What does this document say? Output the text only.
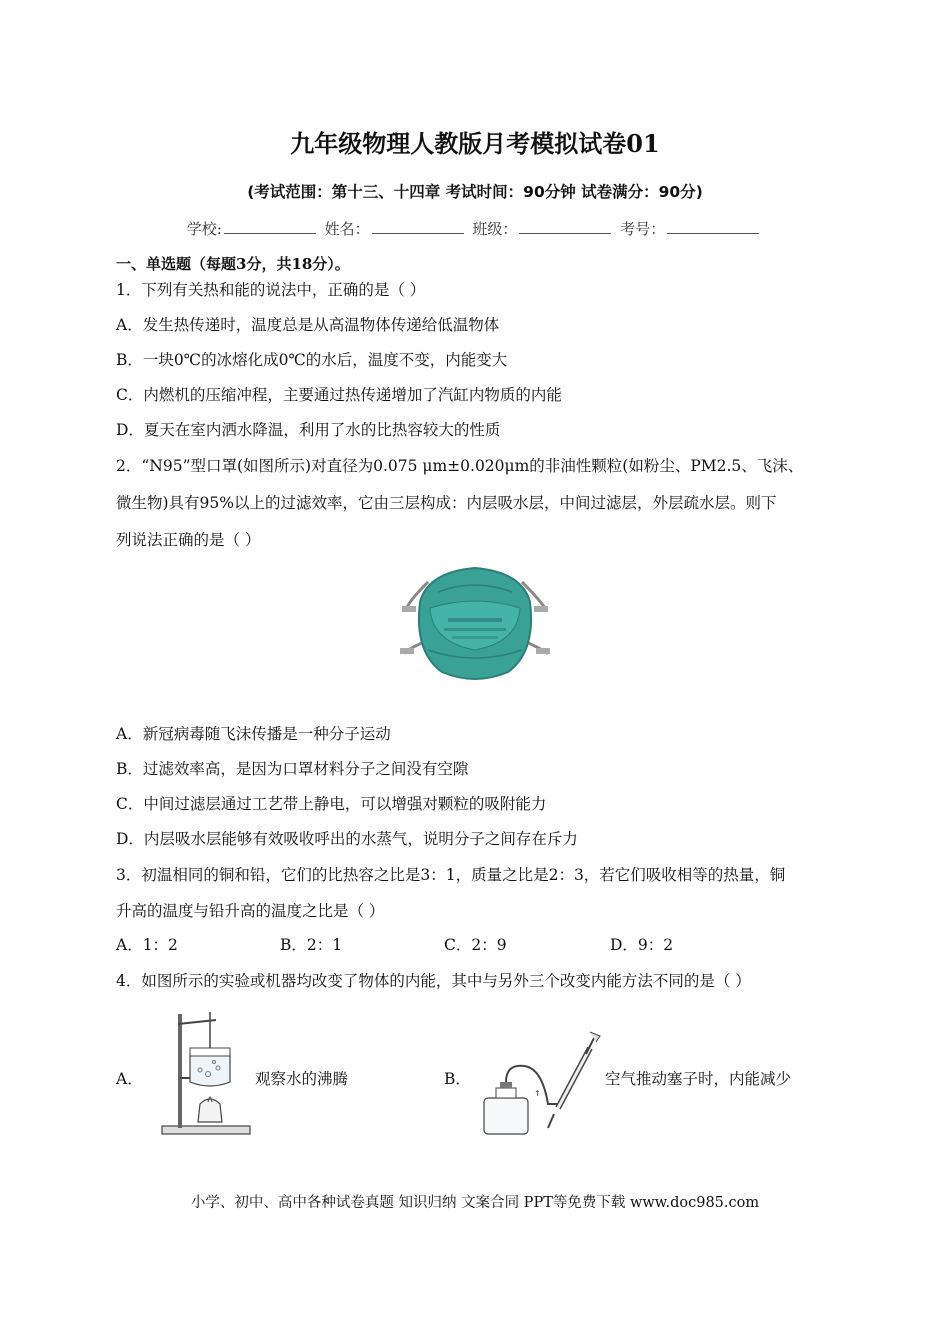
九年级物理人教版月考模拟试卷01
(考试范围：第十三、十四章 考试时间：90分钟 试卷满分：90分)
学校:	姓名：	班级：	考号：
一、单选题（每题3分，共18分）。
1．下列有关热和能的说法中，正确的是（ ）
A．发生热传递时，温度总是从高温物体传递给低温物体
B．一块0℃的冰熔化成0℃的水后，温度不变，内能变大
C．内燃机的压缩冲程，主要通过热传递增加了汽缸内物质的内能
D．夏天在室内洒水降温，利用了水的比热容较大的性质
2．“N95”型口罩(如图所示)对直径为0.075 μm±0.020μm的非油性颗粒(如粉尘、PM2.5、飞沫、
微生物)具有95%以上的过滤效率，它由三层构成：内层吸水层，中间过滤层，外层疏水层。则下
列说法正确的是（ ）
A．新冠病毒随飞沫传播是一种分子运动
B．过滤效率高，是因为口罩材料分子之间没有空隙
C．中间过滤层通过工艺带上静电，可以增强对颗粒的吸附能力
D．内层吸水层能够有效吸收呼出的水蒸气，说明分子之间存在斥力
3．初温相同的铜和铅，它们的比热容之比是3：1，质量之比是2：3，若它们吸收相等的热量，铜
升高的温度与铅升高的温度之比是（ ）
A．1：2	B．2：1	C．2：9	D．9：2
4．如图所示的实验或机器均改变了物体的内能，其中与另外三个改变内能方法不同的是（ ）
A．	观察水的沸腾	B．
↑
空气推动塞子时，内能减少
小学、初中、高中各种试卷真题 知识归纳 文案合同 PPT等免费下载 www.doc985.com
